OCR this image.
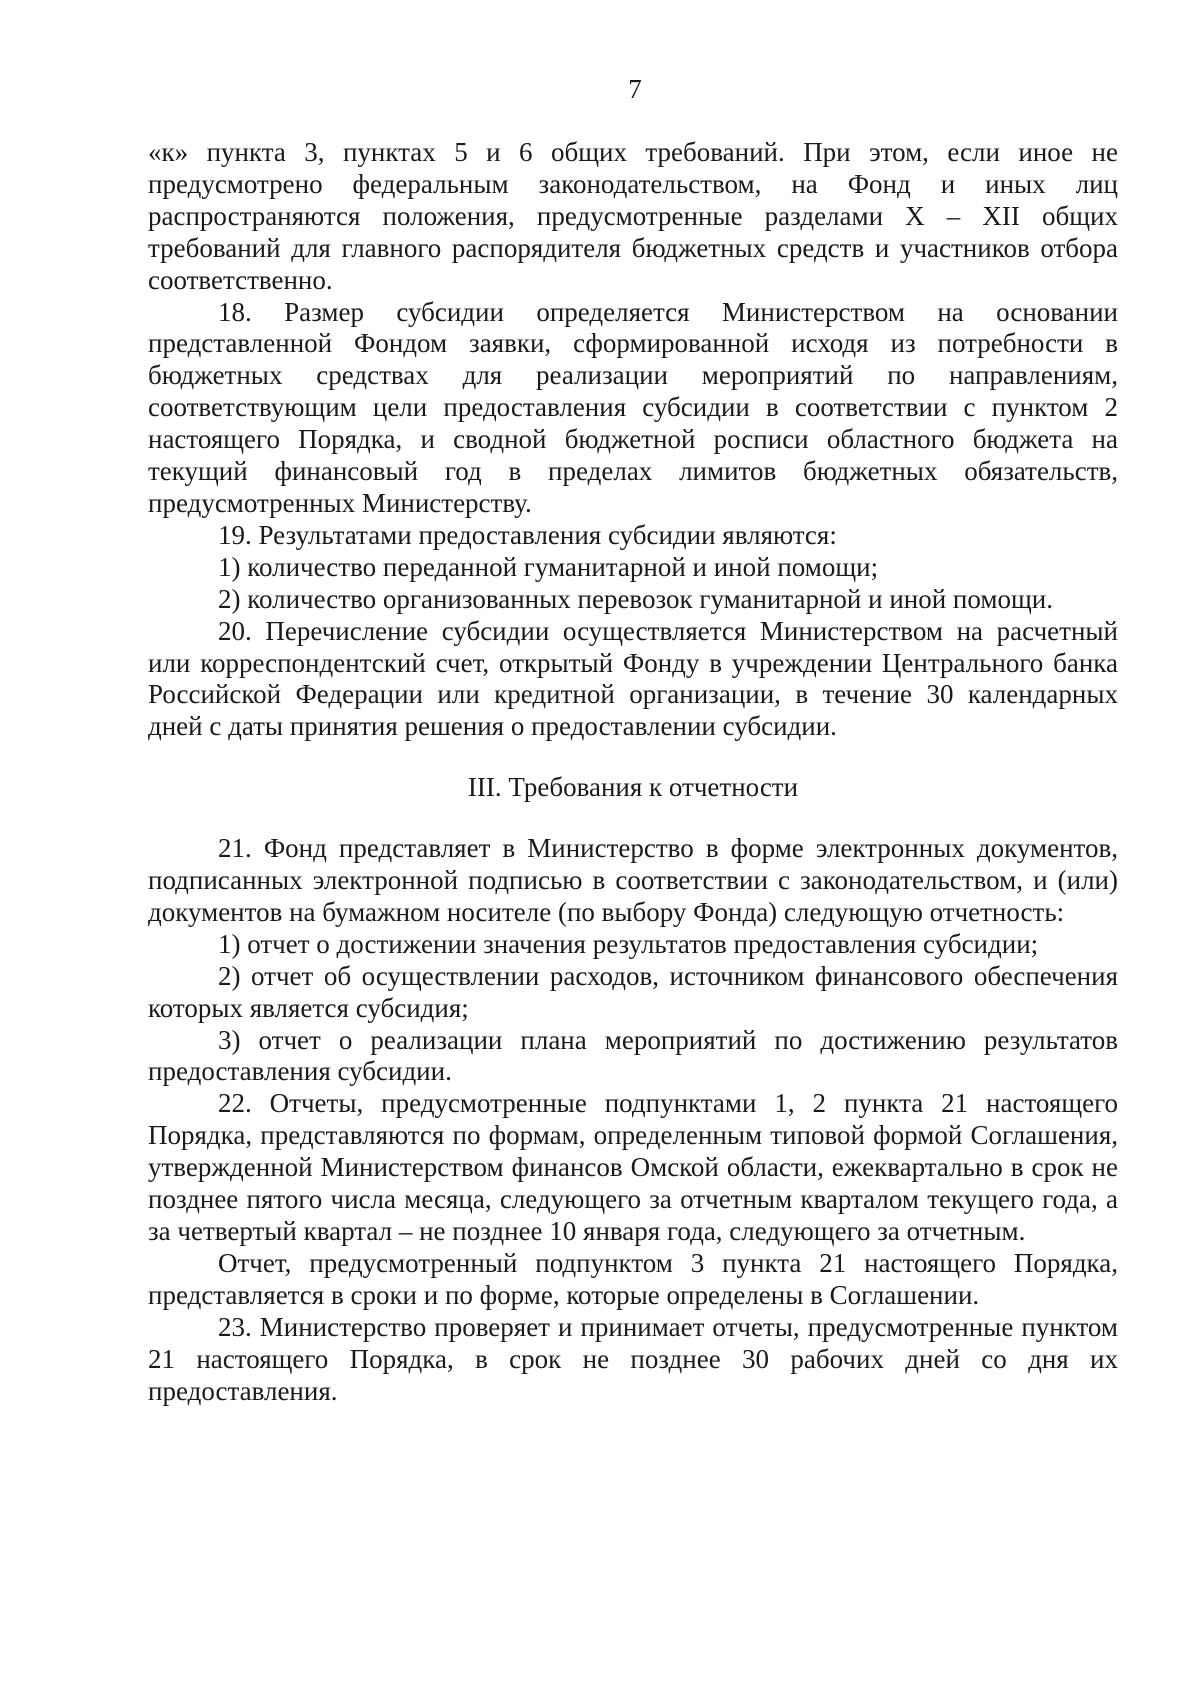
7

«к» пункта 3, пунктах 5 и 6 общих требований. При этом, если иное не предусмотрено федеральным законодательством, на Фонд и иных лиц распространяются положения, предусмотренные разделами X – XII общих требований для главного распорядителя бюджетных средств и участников отбора соответственно.

18. Размер субсидии определяется Министерством на основании представленной Фондом заявки, сформированной исходя из потребности в бюджетных средствах для реализации мероприятий по направлениям, соответствующим цели предоставления субсидии в соответствии с пунктом 2 настоящего Порядка, и сводной бюджетной росписи областного бюджета на текущий финансовый год в пределах лимитов бюджетных обязательств, предусмотренных Министерству.

19. Результатами предоставления субсидии являются:

1) количество переданной гуманитарной и иной помощи;

2) количество организованных перевозок гуманитарной и иной помощи.

20. Перечисление субсидии осуществляется Министерством на расчетный или корреспондентский счет, открытый Фонду в учреждении Центрального банка Российской Федерации или кредитной организации, в течение 30 календарных дней с даты принятия решения о предоставлении субсидии.

III. Требования к отчетности

21. Фонд представляет в Министерство в форме электронных документов, подписанных электронной подписью в соответствии с законодательством, и (или) документов на бумажном носителе (по выбору Фонда) следующую отчетность:

1) отчет о достижении значения результатов предоставления субсидии;

2) отчет об осуществлении расходов, источником финансового обеспечения которых является субсидия;

3) отчет о реализации плана мероприятий по достижению результатов предоставления субсидии.

22. Отчеты, предусмотренные подпунктами 1, 2 пункта 21 настоящего Порядка, представляются по формам, определенным типовой формой Соглашения, утвержденной Министерством финансов Омской области, ежеквартально в срок не позднее пятого числа месяца, следующего за отчетным кварталом текущего года, а за четвертый квартал – не позднее 10 января года, следующего за отчетным.

Отчет, предусмотренный подпунктом 3 пункта 21 настоящего Порядка, представляется в сроки и по форме, которые определены в Соглашении.

23. Министерство проверяет и принимает отчеты, предусмотренные пунктом 21 настоящего Порядка, в срок не позднее 30 рабочих дней со дня их предоставления.
